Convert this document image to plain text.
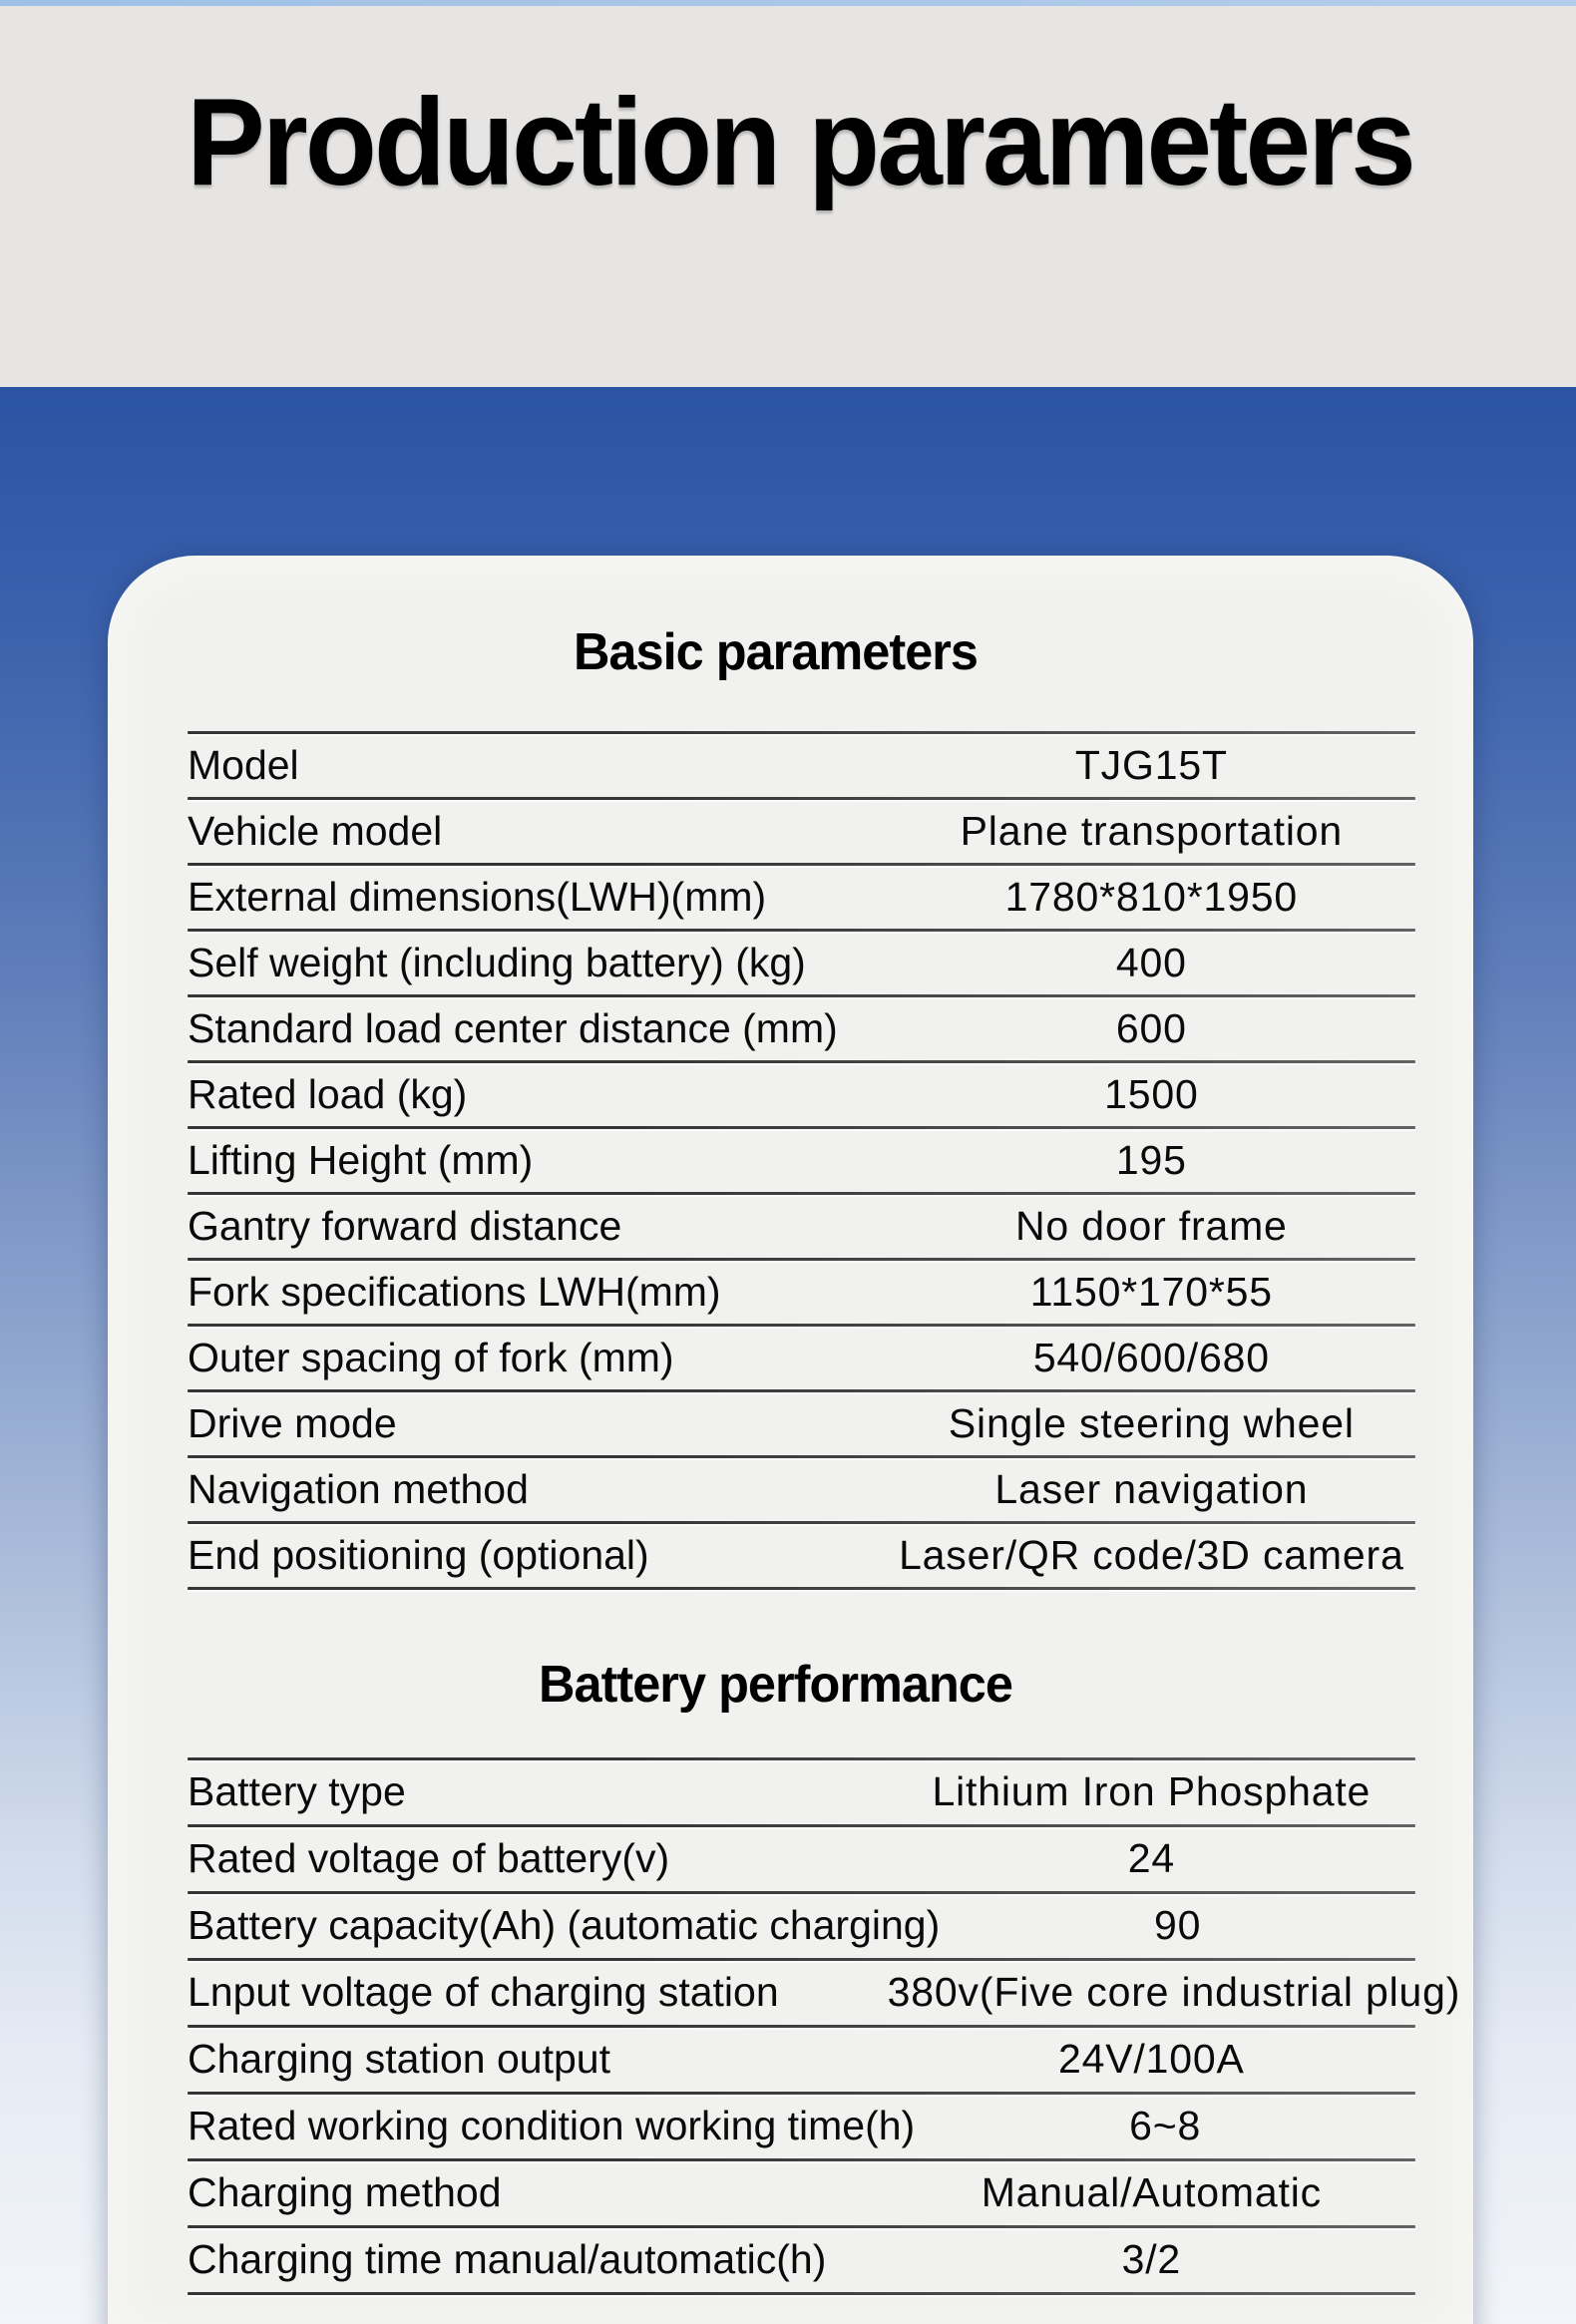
Production parameters
Basic parameters
Model	TJG15T
Vehicle model	Plane transportation
External dimensions(LWH)(mm)	1780*810*1950
Self weight (including battery) (kg)	400
Standard load center distance (mm)	600
Rated load (kg)	1500
Lifting Height (mm)	195
Gantry forward distance	No door frame
Fork specifications LWH(mm)	1150*170*55
Outer spacing of fork (mm)	540/600/680
Drive mode	Single steering wheel
Navigation method	Laser navigation
End positioning (optional)	Laser/QR code/3D camera
Battery performance
Battery type	Lithium Iron Phosphate
Rated voltage of battery(v)	24
Battery capacity(Ah) (automatic charging)	90
Lnput voltage of charging station	380v(Five core industrial plug)
Charging station output	24V/100A
Rated working condition working time(h)	6~8
Charging method	Manual/Automatic
Charging time manual/automatic(h)	3/2
